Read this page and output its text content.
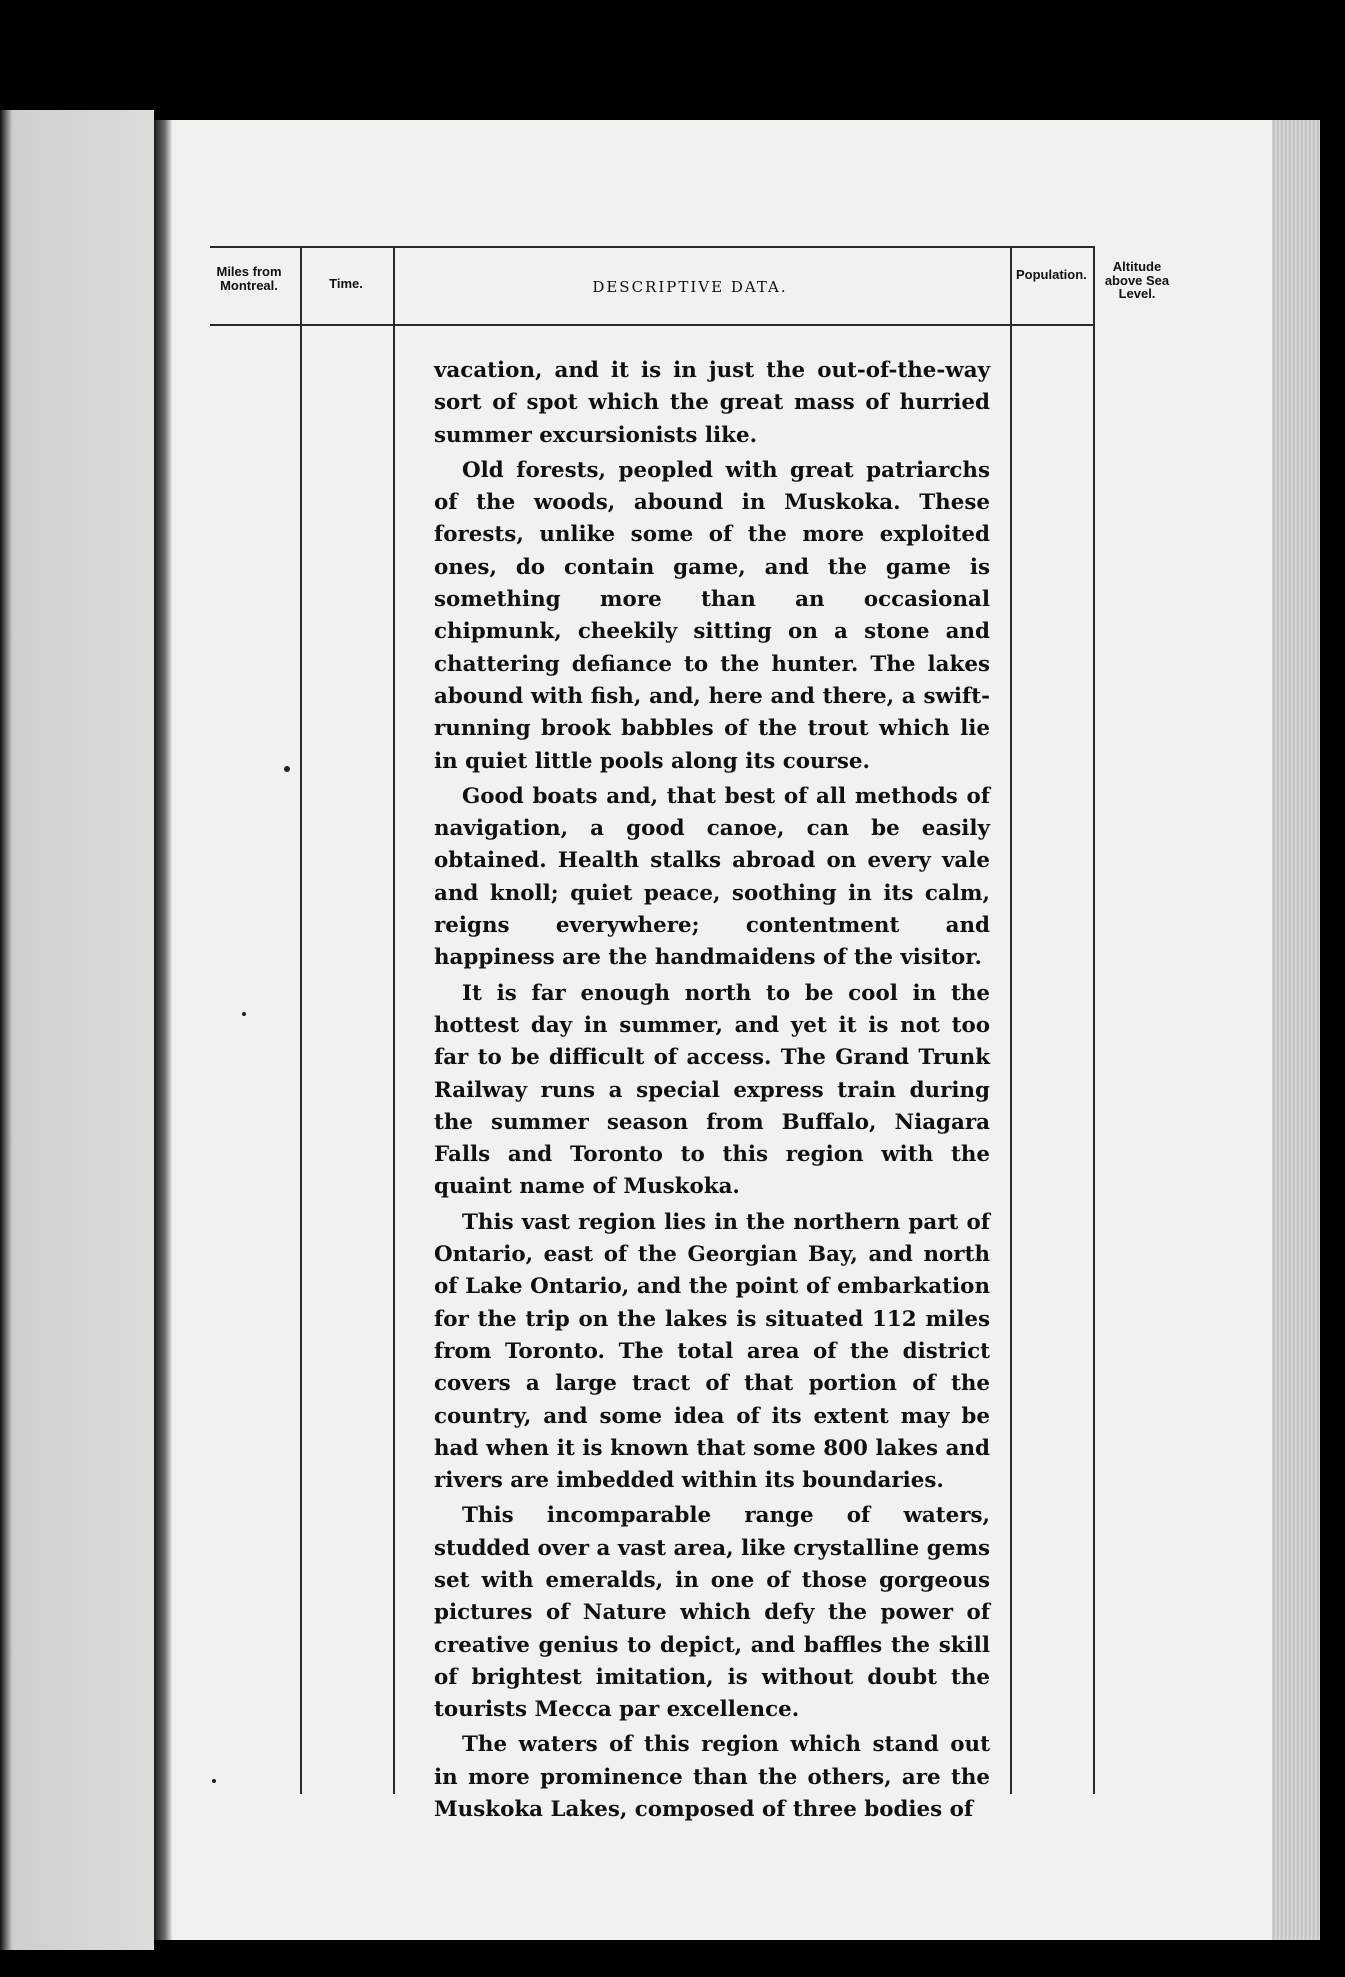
Miles from Montreal.	Time.	DESCRIPTIVE DATA.
Population.
Altitude above Sea Level.

vacation, and it is in just the out-of-the-way sort of spot which the great mass of hurried summer excursionists like.

Old forests, peopled with great patriarchs of the woods, abound in Muskoka. These forests, unlike some of the more exploited ones, do contain game, and the game is something more than an occasional chipmunk, cheekily sitting on a stone and chattering defiance to the hunter. The lakes abound with fish, and, here and there, a swift-running brook babbles of the trout which lie in quiet little pools along its course.

Good boats and, that best of all methods of navigation, a good canoe, can be easily obtained. Health stalks abroad on every vale and knoll; quiet peace, soothing in its calm, reigns everywhere; contentment and happiness are the handmaidens of the visitor.

It is far enough north to be cool in the hottest day in summer, and yet it is not too far to be difficult of access. The Grand Trunk Railway runs a special express train during the summer season from Buffalo, Niagara Falls and Toronto to this region with the quaint name of Muskoka.

This vast region lies in the northern part of Ontario, east of the Georgian Bay, and north of Lake Ontario, and the point of embarkation for the trip on the lakes is situated 112 miles from Toronto. The total area of the district covers a large tract of that portion of the country, and some idea of its extent may be had when it is known that some 800 lakes and rivers are imbedded within its boundaries.

This incomparable range of waters, studded over a vast area, like crystalline gems set with emeralds, in one of those gorgeous pictures of Nature which defy the power of creative genius to depict, and baffles the skill of brightest imitation, is without doubt the tourists Mecca par excellence.

The waters of this region which stand out in more prominence than the others, are the Muskoka Lakes, composed of three bodies of
